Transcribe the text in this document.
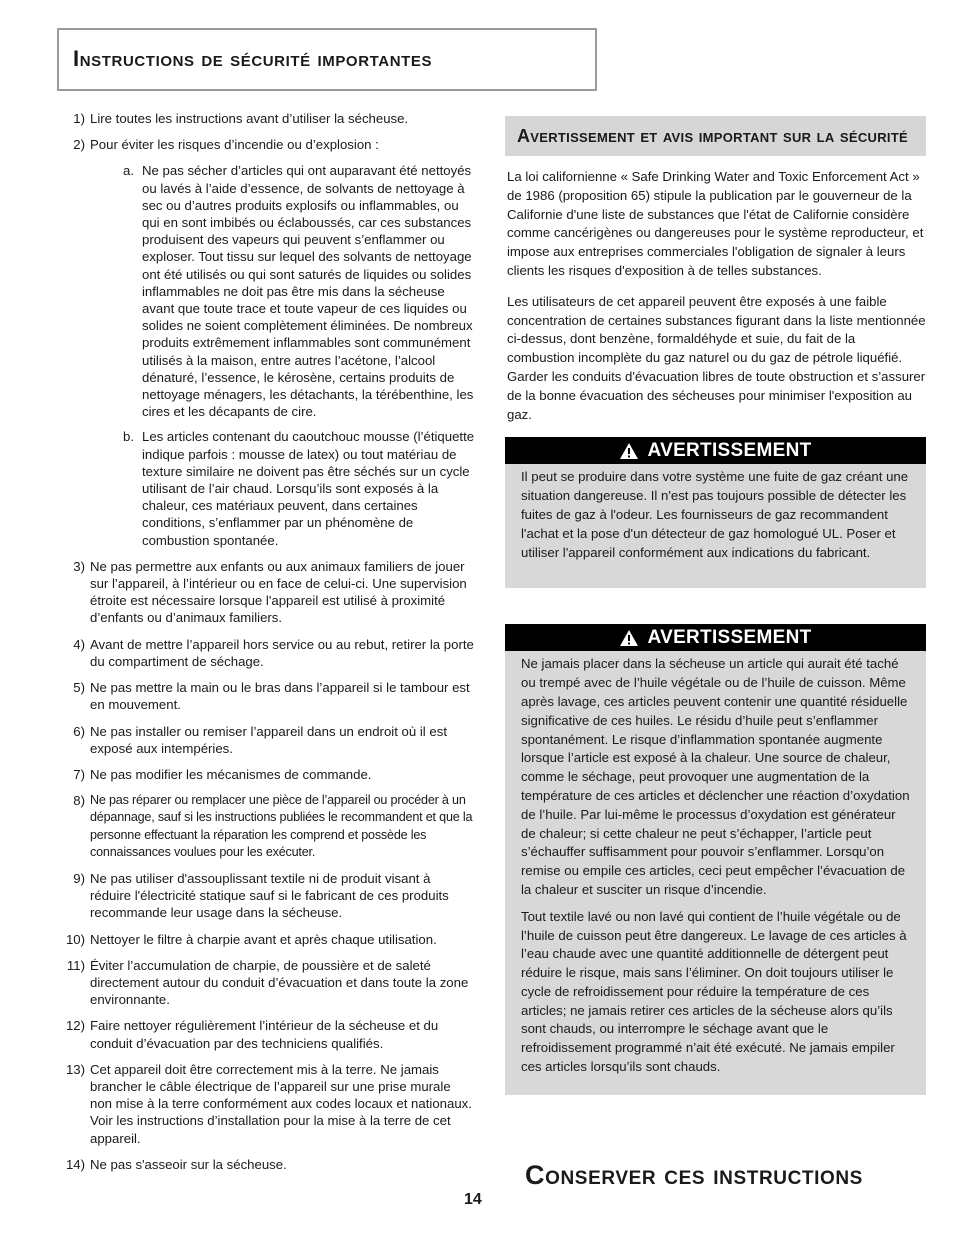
Instructions de sécurité importantes
1) Lire toutes les instructions avant d’utiliser la sécheuse.
2) Pour éviter les risques d’incendie ou d’explosion :
a. Ne pas sécher d’articles qui ont auparavant été nettoyés ou lavés à l’aide d’essence, de solvants de nettoyage à sec ou d’autres produits explosifs ou inflammables, ou qui en sont imbibés ou éclaboussés, car ces substances produisent des vapeurs qui peuvent s’enflammer ou exploser. Tout tissu sur lequel des solvants de nettoyage ont été utilisés ou qui sont saturés de liquides ou solides inflammables ne doit pas être mis dans la sécheuse avant que toute trace et toute vapeur de ces liquides ou solides ne soient complètement éliminées. De nombreux produits extrêmement inflammables sont communément utilisés à la maison, entre autres l’acétone, l’alcool dénaturé, l’essence, le kérosène, certains produits de nettoyage ménagers, les détachants, la térébenthine, les cires et les décapants de cire.
b. Les articles contenant du caoutchouc mousse (l’étiquette indique parfois : mousse de latex) ou tout matériau de texture similaire ne doivent pas être séchés sur un cycle utilisant de l’air chaud. Lorsqu’ils sont exposés à la chaleur, ces matériaux peuvent, dans certaines conditions, s’enflammer par un phénomène de combustion spontanée.
3) Ne pas permettre aux enfants ou aux animaux familiers de jouer sur l’appareil, à l’intérieur ou en face de celui-ci. Une supervision étroite est nécessaire lorsque l'appareil est utilisé à proximité d’enfants ou d’animaux familiers.
4) Avant de mettre l’appareil hors service ou au rebut, retirer la porte du compartiment de séchage.
5) Ne pas mettre la main ou le bras dans l’appareil si le tambour est en mouvement.
6) Ne pas installer ou remiser l’appareil dans un endroit où il est exposé aux intempéries.
7) Ne pas modifier les mécanismes de commande.
8) Ne pas réparer ou remplacer une pièce de l’appareil ou procéder à un dépannage, sauf si les instructions publiées le recommandent et que la personne effectuant la réparation les comprend et possède les connaissances voulues pour les exécuter.
9) Ne pas utiliser d'assouplissant textile ni de produit visant à réduire l'électricité statique sauf si le fabricant de ces produits recommande leur usage dans la sécheuse.
10) Nettoyer le filtre à charpie avant et après chaque utilisation.
11) Éviter l’accumulation de charpie, de poussière et de saleté directement autour du conduit d’évacuation et dans toute la zone environnante.
12) Faire nettoyer régulièrement l’intérieur de la sécheuse et du conduit d’évacuation par des techniciens qualifiés.
13) Cet appareil doit être correctement mis à la terre. Ne jamais brancher le câble électrique de l’appareil sur une prise murale non mise à la terre conformément aux codes locaux et nationaux. Voir les instructions d’installation pour la mise à la terre de cet appareil.
14) Ne pas s'asseoir sur la sécheuse.
Avertissement et avis important sur la sécurité

La loi californienne « Safe Drinking Water and Toxic Enforcement Act » de 1986 (proposition 65) stipule la publication par le gouverneur de la Californie d'une liste de substances que l'état de Californie considère comme cancérigènes ou dangereuses pour le système reproducteur, et impose aux entreprises commerciales l'obligation de signaler à leurs clients les risques d'exposition à de telles substances.

Les utilisateurs de cet appareil peuvent être exposés à une faible concentration de certaines substances figurant dans la liste mentionnée ci-dessus, dont benzène, formaldéhyde et suie, du fait de la combustion incomplète du gaz naturel ou du gaz de pétrole liquéfié. Garder les conduits d'évacuation libres de toute obstruction et s’assurer de la bonne évacuation des sécheuses pour minimiser l'exposition au gaz.

AVERTISSEMENT

Il peut se produire dans votre système une fuite de gaz créant une situation dangereuse. Il n'est pas toujours possible de détecter les fuites de gaz à l'odeur. Les fournisseurs de gaz recommandent l'achat et la pose d'un détecteur de gaz homologué UL. Poser et utiliser l'appareil conformément aux indications du fabricant.

AVERTISSEMENT

Ne jamais placer dans la sécheuse un article qui aurait été taché ou trempé avec de l’huile végétale ou de l’huile de cuisson. Même après lavage, ces articles peuvent contenir une quantité résiduelle significative de ces huiles. Le résidu d’huile peut s’enflammer spontanément. Le risque d’inflammation spontanée augmente lorsque l’article est exposé à la chaleur. Une source de chaleur, comme le séchage, peut provoquer une augmentation de la température de ces articles et déclencher une réaction d’oxydation de l’huile. Par lui-même le processus d’oxydation est générateur de chaleur; si cette chaleur ne peut s’échapper, l’article peut s’échauffer suffisamment pour pouvoir s’enflammer. Lorsqu’on remise ou empile ces articles, ceci peut empêcher l’évacuation de la chaleur et susciter un risque d’incendie.

Tout textile lavé ou non lavé qui contient de l’huile végétale ou de l’huile de cuisson peut être dangereux. Le lavage de ces articles à l’eau chaude avec une quantité additionnelle de détergent peut réduire le risque, mais sans l’éliminer. On doit toujours utiliser le cycle de refroidissement pour réduire la température de ces articles; ne jamais retirer ces articles de la sécheuse alors qu’ils sont chauds, ou interrompre le séchage avant que le refroidissement programmé n’ait été exécuté. Ne jamais empiler ces articles lorsqu’ils sont chauds.

Conserver ces instructions
14
